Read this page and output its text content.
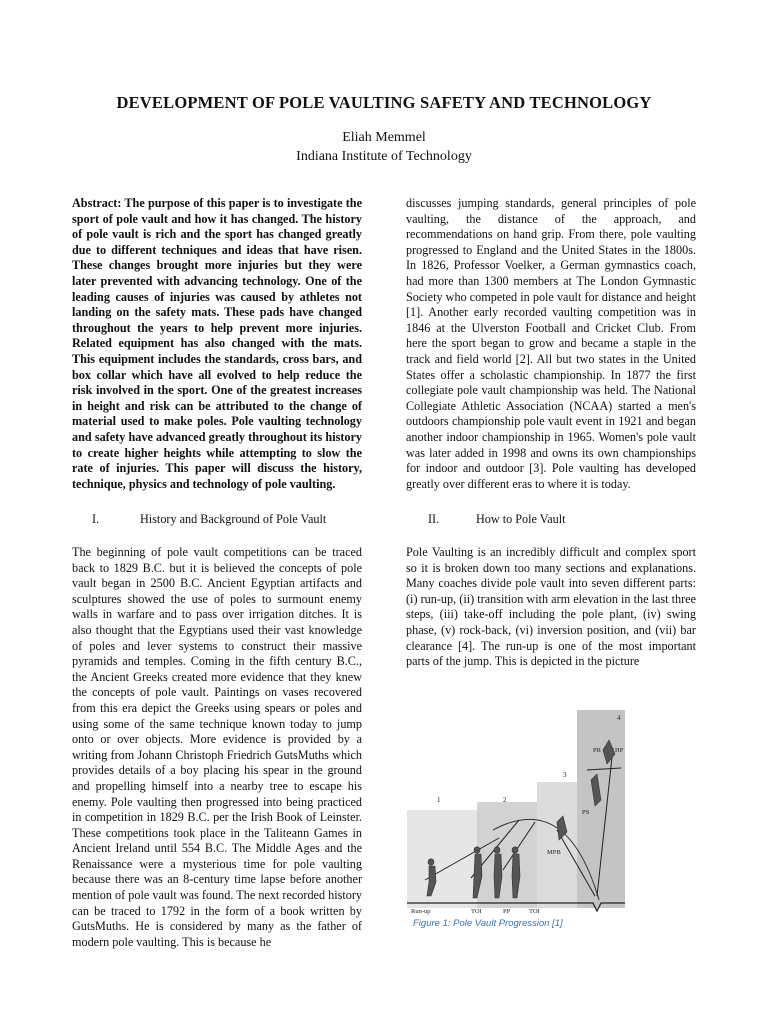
DEVELOPMENT OF POLE VAULTING SAFETY AND TECHNOLOGY
Eliah Memmel
Indiana Institute of Technology
Abstract: The purpose of this paper is to investigate the sport of pole vault and how it has changed. The history of pole vault is rich and the sport has changed greatly due to different techniques and ideas that have risen. These changes brought more injuries but they were later prevented with advancing technology. One of the leading causes of injuries was caused by athletes not landing on the safety mats. These pads have changed throughout the years to help prevent more injuries. Related equipment has also changed with the mats. This equipment includes the standards, cross bars, and box collar which have all evolved to help reduce the risk involved in the sport. One of the greatest increases in height and risk can be attributed to the change of material used to make poles. Pole vaulting technology and safety have advanced greatly throughout its history to create higher heights while attempting to slow the rate of injuries. This paper will discuss the history, technique, physics and technology of pole vaulting.
discusses jumping standards, general principles of pole vaulting, the distance of the approach, and recommendations on hand grip. From there, pole vaulting progressed to England and the United States in the 1800s. In 1826, Professor Voelker, a German gymnastics coach, had more than 1300 members at The London Gymnastic Society who competed in pole vault for distance and height [1]. Another early recorded vaulting competition was in 1846 at the Ulverston Football and Cricket Club. From here the sport began to grow and became a staple in the track and field world [2]. All but two states in the United States offer a scholastic championship. In 1877 the first collegiate pole vault championship was held. The National Collegiate Athletic Association (NCAA) started a men's outdoors championship pole vault event in 1921 and began another indoor championship in 1965. Women's pole vault was later added in 1998 and owns its own championships for indoor and outdoor [3]. Pole vaulting has developed greatly over different eras to where it is today.
I.	History and Background of Pole Vault	II.	How to Pole Vault
The beginning of pole vault competitions can be traced back to 1829 B.C. but it is believed the concepts of pole vault began in 2500 B.C. Ancient Egyptian artifacts and sculptures showed the use of poles to surmount enemy walls in warfare and to pass over irrigation ditches. It is also thought that the Egyptians used their vast knowledge of poles and lever systems to construct their massive pyramids and temples. Coming in the fifth century B.C., the Ancient Greeks created more evidence that they knew the concepts of pole vault. Paintings on vases recovered from this era depict the Greeks using spears or poles and using some of the same technique known today to jump onto or over objects. More evidence is provided by a writing from Johann Christoph Friedrich GutsMuths which provides details of a boy placing his spear in the ground and propelling himself into a nearby tree to escape his enemy. Pole vaulting then progressed into being practiced in competition in 1829 B.C. per the Irish Book of Leinster. These competitions took place in the Taliteann Games in Ancient Ireland until 554 B.C. The Middle Ages and the Renaissance were a mysterious time for pole vaulting because there was an 8-century time lapse before another mention of pole vault was found. The next recorded history can be traced to 1792 in the form of a book written by GutsMuths. He is considered by many as the father of modern pole vaulting. This is because he
Pole Vaulting is an incredibly difficult and complex sport so it is broken down too many sections and explanations. Many coaches divide pole vault into seven different parts: (i) run-up, (ii) transition with arm elevation in the last three steps, (iii) take-off including the pole plant, (iv) swing phase, (v) rock-back, (vi) inversion position, and (vii) bar clearance [4]. The run-up is one of the most important parts of the jump. This is depicted in the picture
1	2
3
4
MPB
PS
PR HP
Run-up	TOI	PP	TOI
Figure 1: Pole Vault Progression [1]
